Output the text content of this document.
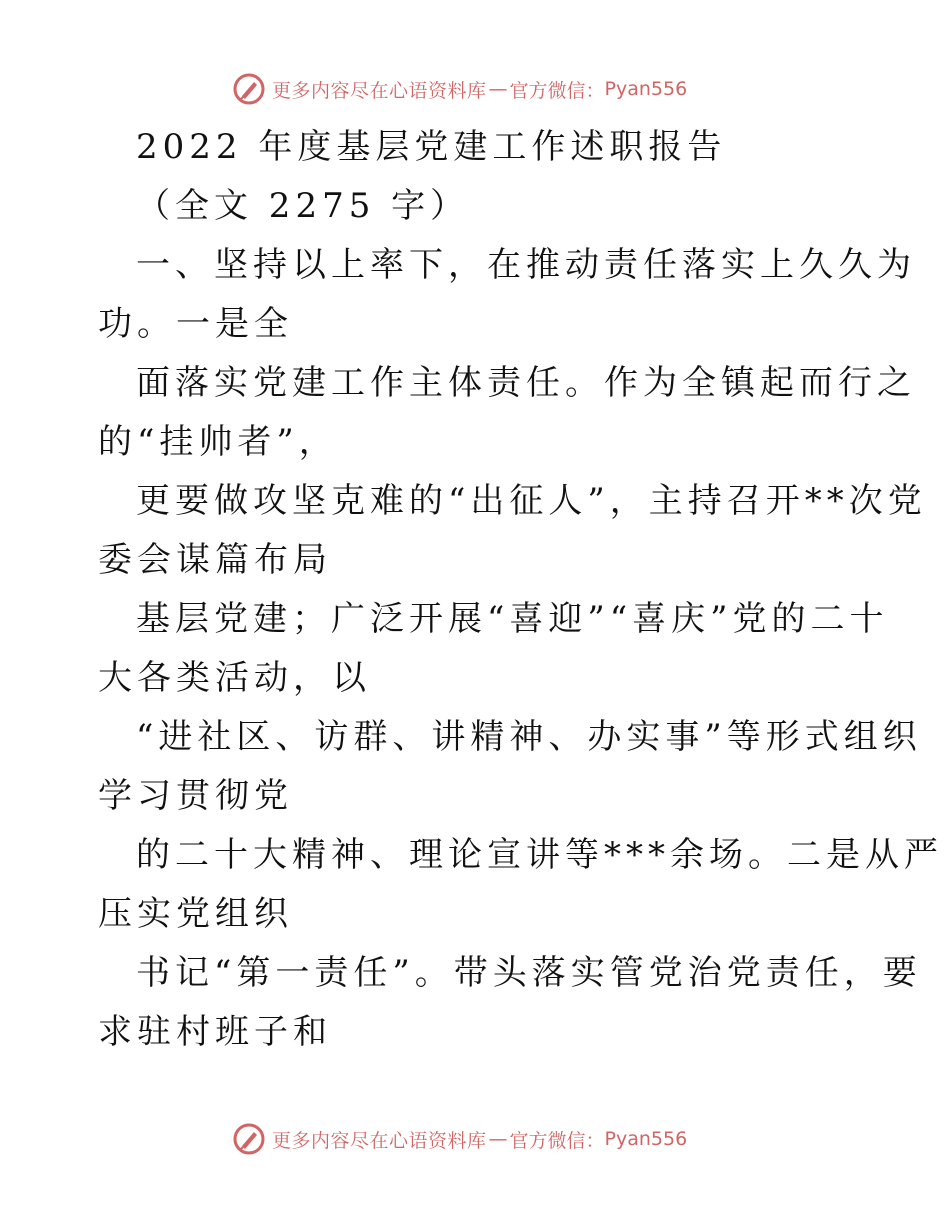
更多内容尽在心语资料库 — 官方微信： Pyan556
2022 年度基层党建工作述职报告
（全文 2275 字）
一、坚持以上率下，在推动责任落实上久久为
功。一是全
面落实党建工作主体责任。作为全镇起而行之
的“挂帅者”，
更要做攻坚克难的“出征人”，主持召开**次党
委会谋篇布局
基层党建；广泛开展“喜迎”“喜庆”党的二十
大各类活动，以
“进社区、访群、讲精神、办实事”等形式组织
学习贯彻党
的二十大精神、理论宣讲等***余场。二是从严
压实党组织
书记“第一责任”。带头落实管党治党责任，要
求驻村班子和
更多内容尽在心语资料库 — 官方微信： Pyan556
